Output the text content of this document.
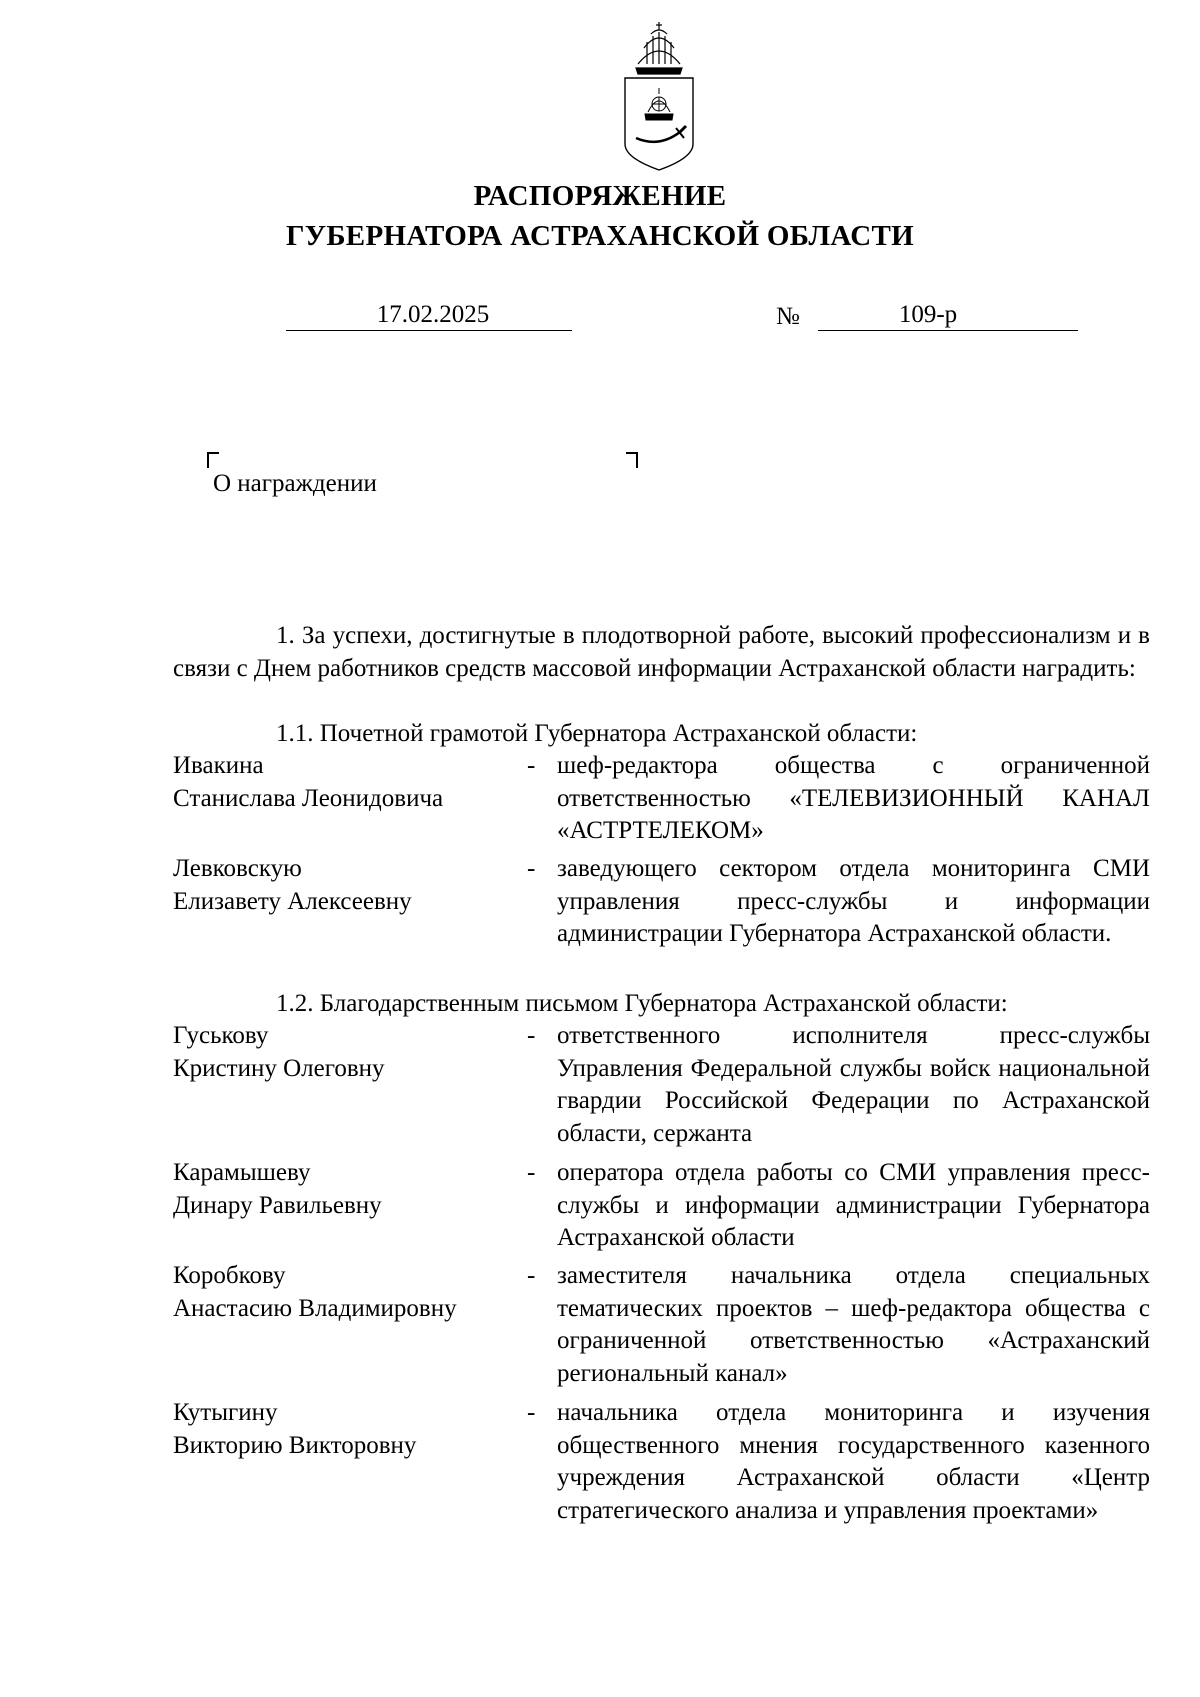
РАСПОРЯЖЕНИЕ
ГУБЕРНАТОРА АСТРАХАНСКОЙ ОБЛАСТИ
17.02.2025	№	109-р
О награждении
1. За успехи, достигнутые в плодотворной работе, высокий профессионализм и в связи с Днем работников средств массовой информации Астраханской области наградить:
1.1. Почетной грамотой Губернатора Астраханской области:
Ивакина
Станислава Леонидовича
- шеф-редактора общества с ограниченной ответственностью «ТЕЛЕВИЗИОННЫЙ КАНАЛ «АСТРТЕЛЕКОМ»
Левковскую
Елизавету Алексеевну
- заведующего сектором отдела мониторинга СМИ управления пресс-службы и информации администрации Губернатора Астраханской области.
1.2. Благодарственным письмом Губернатора Астраханской области:
Гуськову
Кристину Олеговну
- ответственного исполнителя пресс-службы Управления Федеральной службы войск национальной гвардии Российской Федерации по Астраханской области, сержанта
Карамышеву
Динару Равильевну
- оператора отдела работы со СМИ управления пресс-службы и информации администрации Губернатора Астраханской области
Коробкову
Анастасию Владимировну
- заместителя начальника отдела специальных тематических проектов – шеф-редактора общества с ограниченной ответственностью «Астраханский региональный канал»
Кутыгину
Викторию Викторовну
- начальника отдела мониторинга и изучения общественного мнения государственного казенного учреждения Астраханской области «Центр стратегического анализа и управления проектами»
